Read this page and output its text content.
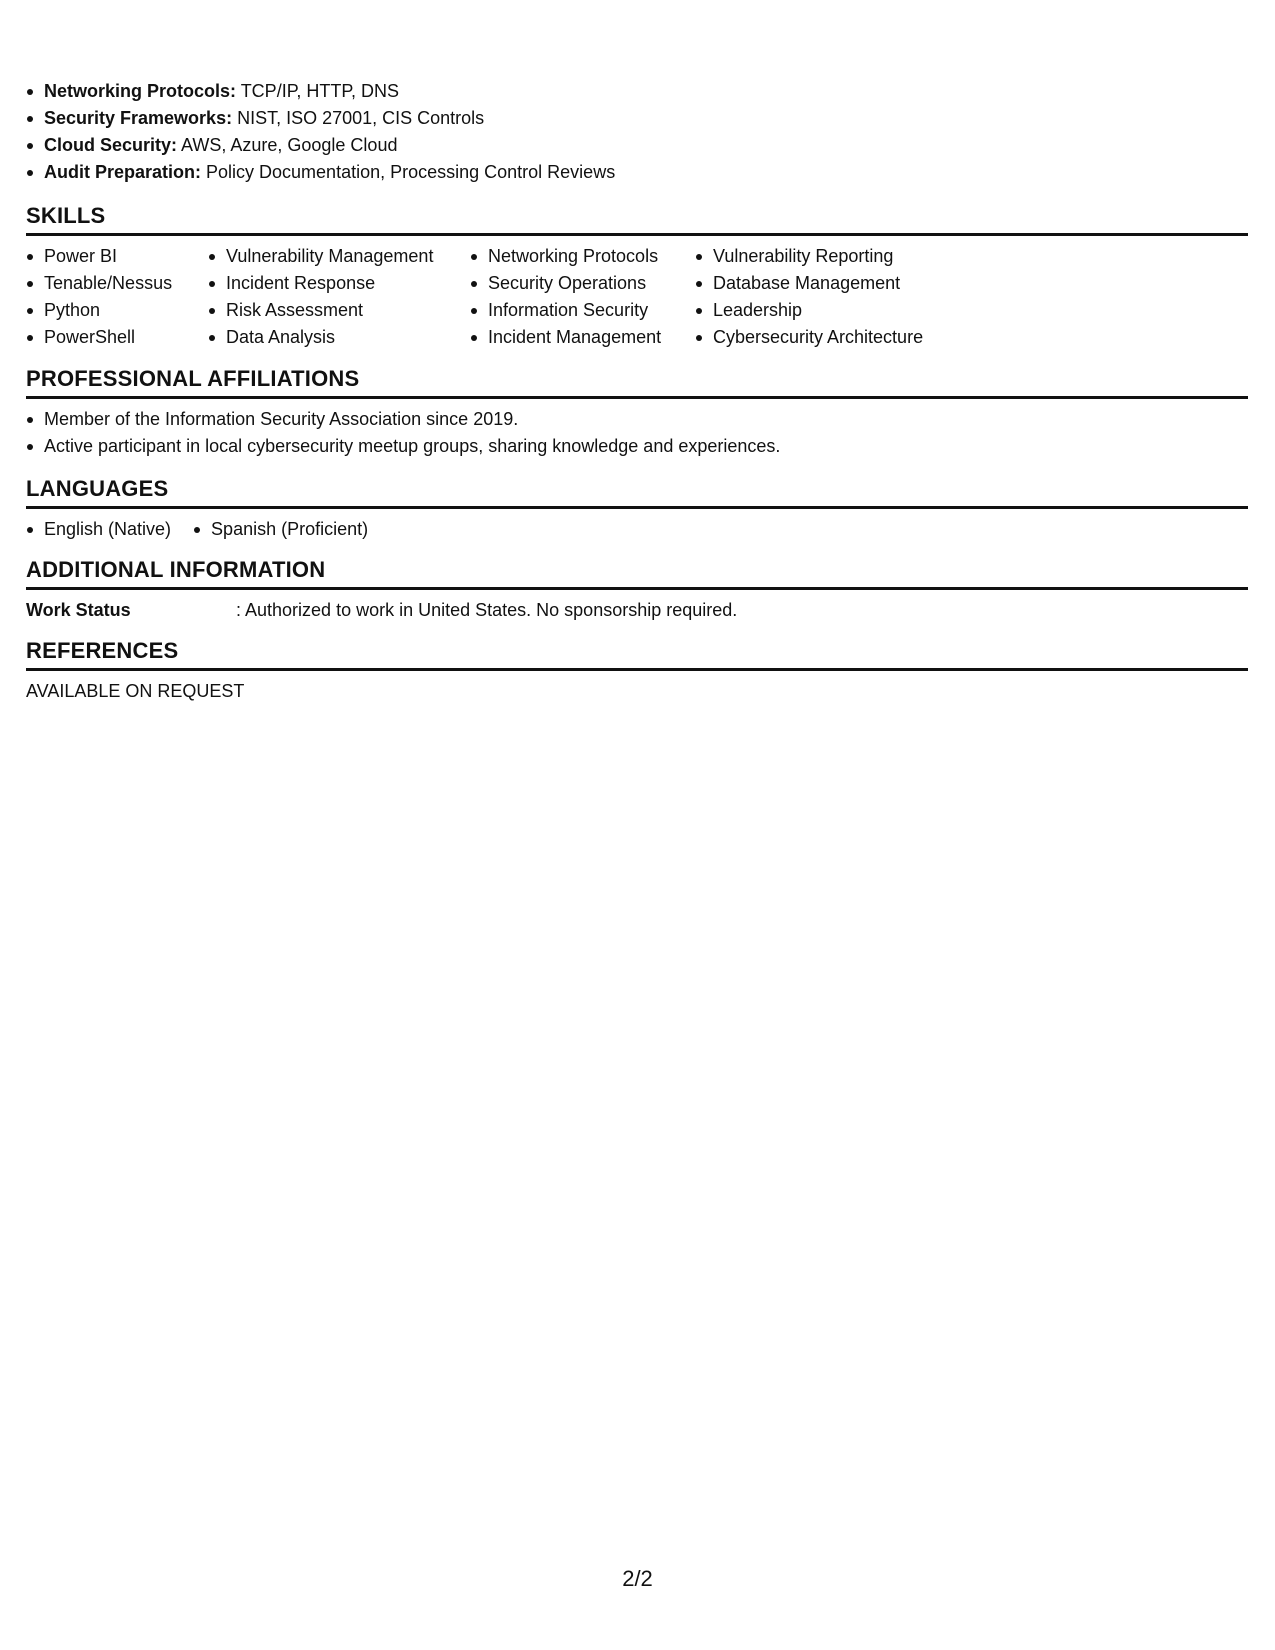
Networking Protocols: TCP/IP, HTTP, DNS
Security Frameworks: NIST, ISO 27001, CIS Controls
Cloud Security: AWS, Azure, Google Cloud
Audit Preparation: Policy Documentation, Processing Control Reviews
SKILLS
Power BI
Tenable/Nessus
Python
PowerShell
Vulnerability Management
Incident Response
Risk Assessment
Data Analysis
Networking Protocols
Security Operations
Information Security
Incident Management
Vulnerability Reporting
Database Management
Leadership
Cybersecurity Architecture
PROFESSIONAL AFFILIATIONS
Member of the Information Security Association since 2019.
Active participant in local cybersecurity meetup groups, sharing knowledge and experiences.
LANGUAGES
English (Native)	Spanish (Proficient)
ADDITIONAL INFORMATION
Work Status	: Authorized to work in United States. No sponsorship required.
REFERENCES
AVAILABLE ON REQUEST
2/2
